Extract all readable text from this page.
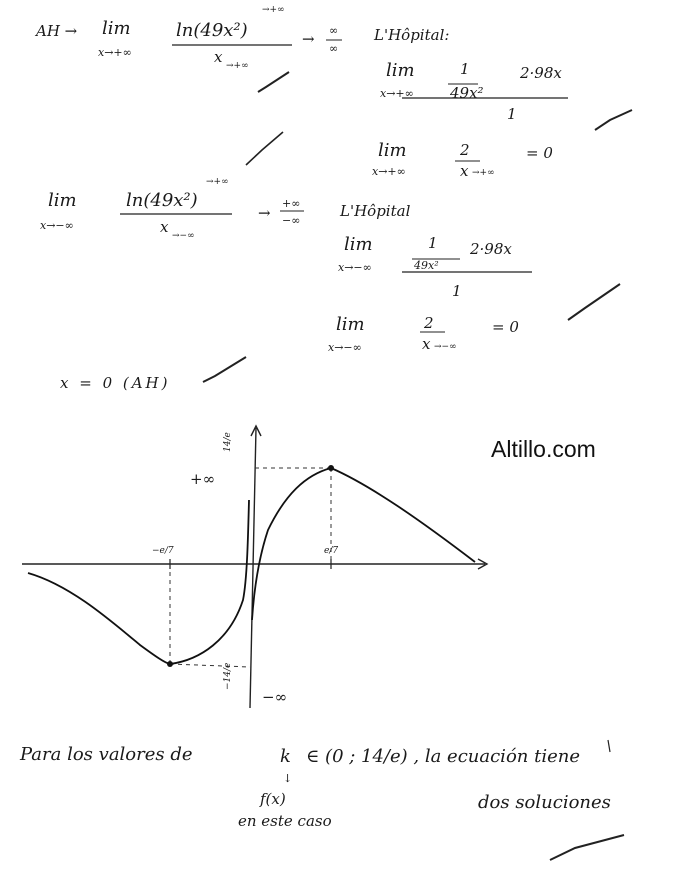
Altillo.com
AH → lim
x→+∞
ln(49x²)
→+∞
x →+∞
→ ∞
∞
L'Hôpital:
lim
x→+∞
1
49x²
2·98x
1
lim
x→+∞
2
x →+∞
= 0
lim
x→−∞
ln(49x²)
→+∞
x →−∞
→
+∞
−∞
L'Hôpital
lim
x→−∞
1
49x²
2·98x
1
lim
x→−∞
2
x →−∞
= 0
x = 0 (AH)
14/e
−14/e
−e/7	e/7
+∞
−∞
Para los valores de	k ∈ (0 ; 14/e) , la ecuación tiene
dos soluciones
↓
f(x)
en este caso
